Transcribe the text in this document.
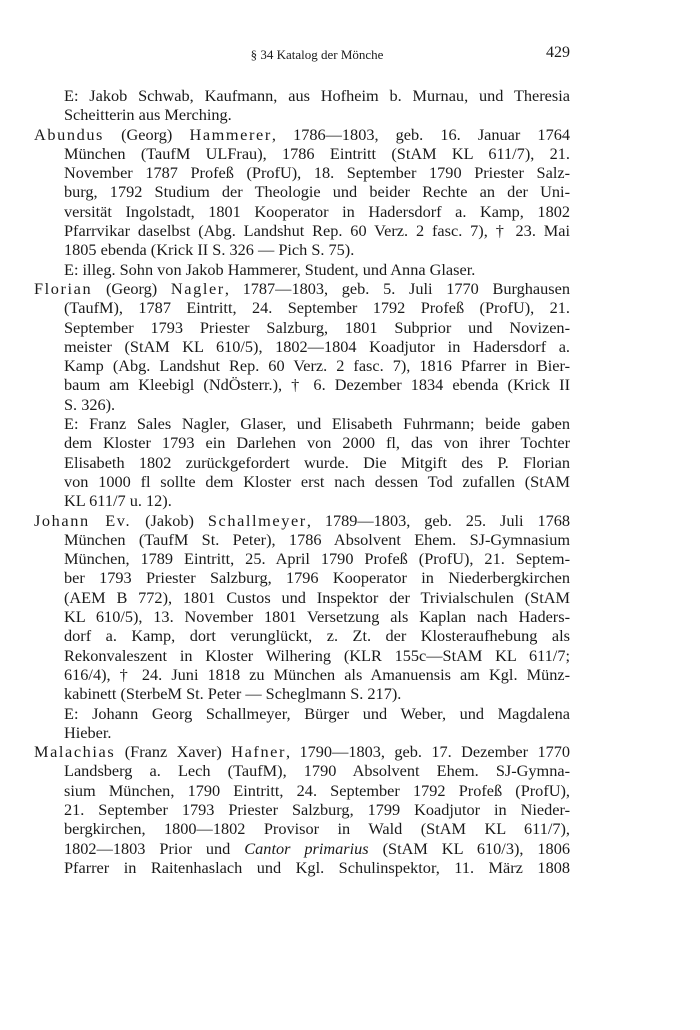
§ 34 Katalog der Mönche	429
E: Jakob Schwab, Kaufmann, aus Hofheim b. Murnau, und Theresia
Scheitterin aus Merching.
Abundus (Georg) Hammerer, 1786—1803, geb. 16. Januar 1764
München (TaufM ULFrau), 1786 Eintritt (StAM KL 611/7), 21.
November 1787 Profeß (ProfU), 18. September 1790 Priester Salz-
burg, 1792 Studium der Theologie und beider Rechte an der Uni-
versität Ingolstadt, 1801 Kooperator in Hadersdorf a. Kamp, 1802
Pfarrvikar daselbst (Abg. Landshut Rep. 60 Verz. 2 fasc. 7), † 23. Mai
1805 ebenda (Krick II S. 326 — Pich S. 75).
E: illeg. Sohn von Jakob Hammerer, Student, und Anna Glaser.
Florian (Georg) Nagler, 1787—1803, geb. 5. Juli 1770 Burghausen
(TaufM), 1787 Eintritt, 24. September 1792 Profeß (ProfU), 21.
September 1793 Priester Salzburg, 1801 Subprior und Novizen-
meister (StAM KL 610/5), 1802—1804 Koadjutor in Hadersdorf a.
Kamp (Abg. Landshut Rep. 60 Verz. 2 fasc. 7), 1816 Pfarrer in Bier-
baum am Kleebigl (NdÖsterr.), † 6. Dezember 1834 ebenda (Krick II
S. 326).
E: Franz Sales Nagler, Glaser, und Elisabeth Fuhrmann; beide gaben
dem Kloster 1793 ein Darlehen von 2000 fl, das von ihrer Tochter
Elisabeth 1802 zurückgefordert wurde. Die Mitgift des P. Florian
von 1000 fl sollte dem Kloster erst nach dessen Tod zufallen (StAM
KL 611/7 u. 12).
Johann Ev. (Jakob) Schallmeyer, 1789—1803, geb. 25. Juli 1768
München (TaufM St. Peter), 1786 Absolvent Ehem. SJ-Gymnasium
München, 1789 Eintritt, 25. April 1790 Profeß (ProfU), 21. Septem-
ber 1793 Priester Salzburg, 1796 Kooperator in Niederbergkirchen
(AEM B 772), 1801 Custos und Inspektor der Trivialschulen (StAM
KL 610/5), 13. November 1801 Versetzung als Kaplan nach Haders-
dorf a. Kamp, dort verunglückt, z. Zt. der Klosteraufhebung als
Rekonvaleszent in Kloster Wilhering (KLR 155c—StAM KL 611/7;
616/4), † 24. Juni 1818 zu München als Amanuensis am Kgl. Münz-
kabinett (SterbeM St. Peter — Scheglmann S. 217).
E: Johann Georg Schallmeyer, Bürger und Weber, und Magdalena
Hieber.
Malachias (Franz Xaver) Hafner, 1790—1803, geb. 17. Dezember 1770
Landsberg a. Lech (TaufM), 1790 Absolvent Ehem. SJ-Gymna-
sium München, 1790 Eintritt, 24. September 1792 Profeß (ProfU),
21. September 1793 Priester Salzburg, 1799 Koadjutor in Nieder-
bergkirchen, 1800—1802 Provisor in Wald (StAM KL 611/7),
1802—1803 Prior und Cantor primarius (StAM KL 610/3), 1806
Pfarrer in Raitenhaslach und Kgl. Schulinspektor, 11. März 1808
